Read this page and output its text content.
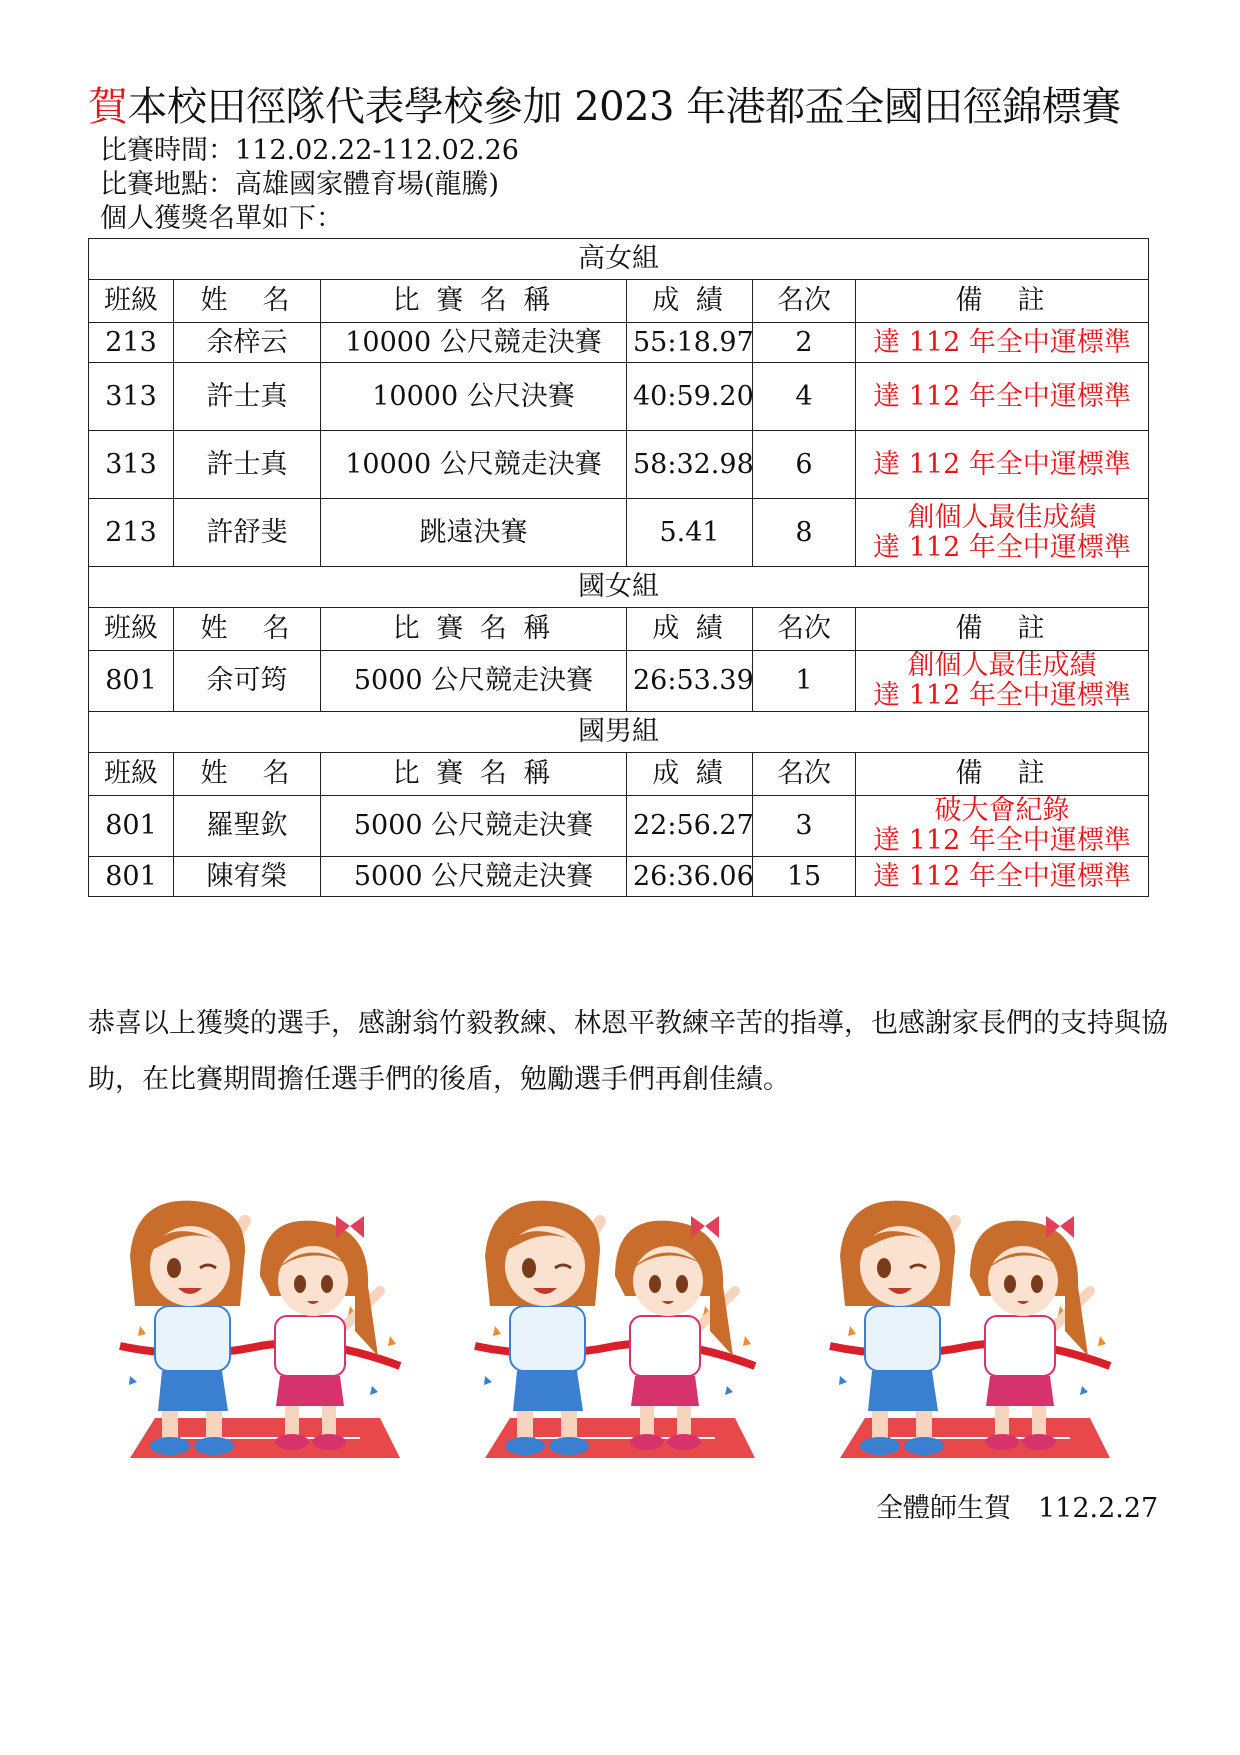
賀本校田徑隊代表學校參加 2023 年港都盃全國田徑錦標賽
比賽時間：112.02.22-112.02.26
比賽地點：高雄國家體育場(龍騰)
個人獲獎名單如下：
高女組					
班級	姓　名	比 賽 名 稱	成 績	名次	備　註
213	余梓云	10000 公尺競走決賽	55:18.97	2	達 112 年全中運標準

313	許士真	10000 公尺決賽	40:59.20	4	達 112 年全中運標準

313	許士真	10000 公尺競走決賽	58:32.98	6	達 112 年全中運標準

213	許舒斐	跳遠決賽	5.41	8	創個人最佳成績
達 112 年全中運標準

國女組					
班級	姓　名	比 賽 名 稱	成 績	名次	備　註
801	余可筠	5000 公尺競走決賽	26:53.39	1	創個人最佳成績
達 112 年全中運標準

國男組					
班級	姓　名	比 賽 名 稱	成 績	名次	備　註
801	羅聖欽	5000 公尺競走決賽	22:56.27	3	破大會紀錄
達 112 年全中運標準

801	陳宥榮	5000 公尺競走決賽	26:36.06	15	達 112 年全中運標準
恭喜以上獲獎的選手，感謝翁竹毅教練、林恩平教練辛苦的指導，也感謝家長們的支持與協助，在比賽期間擔任選手們的後盾，勉勵選手們再創佳績。
全體師生賀　112.2.27
